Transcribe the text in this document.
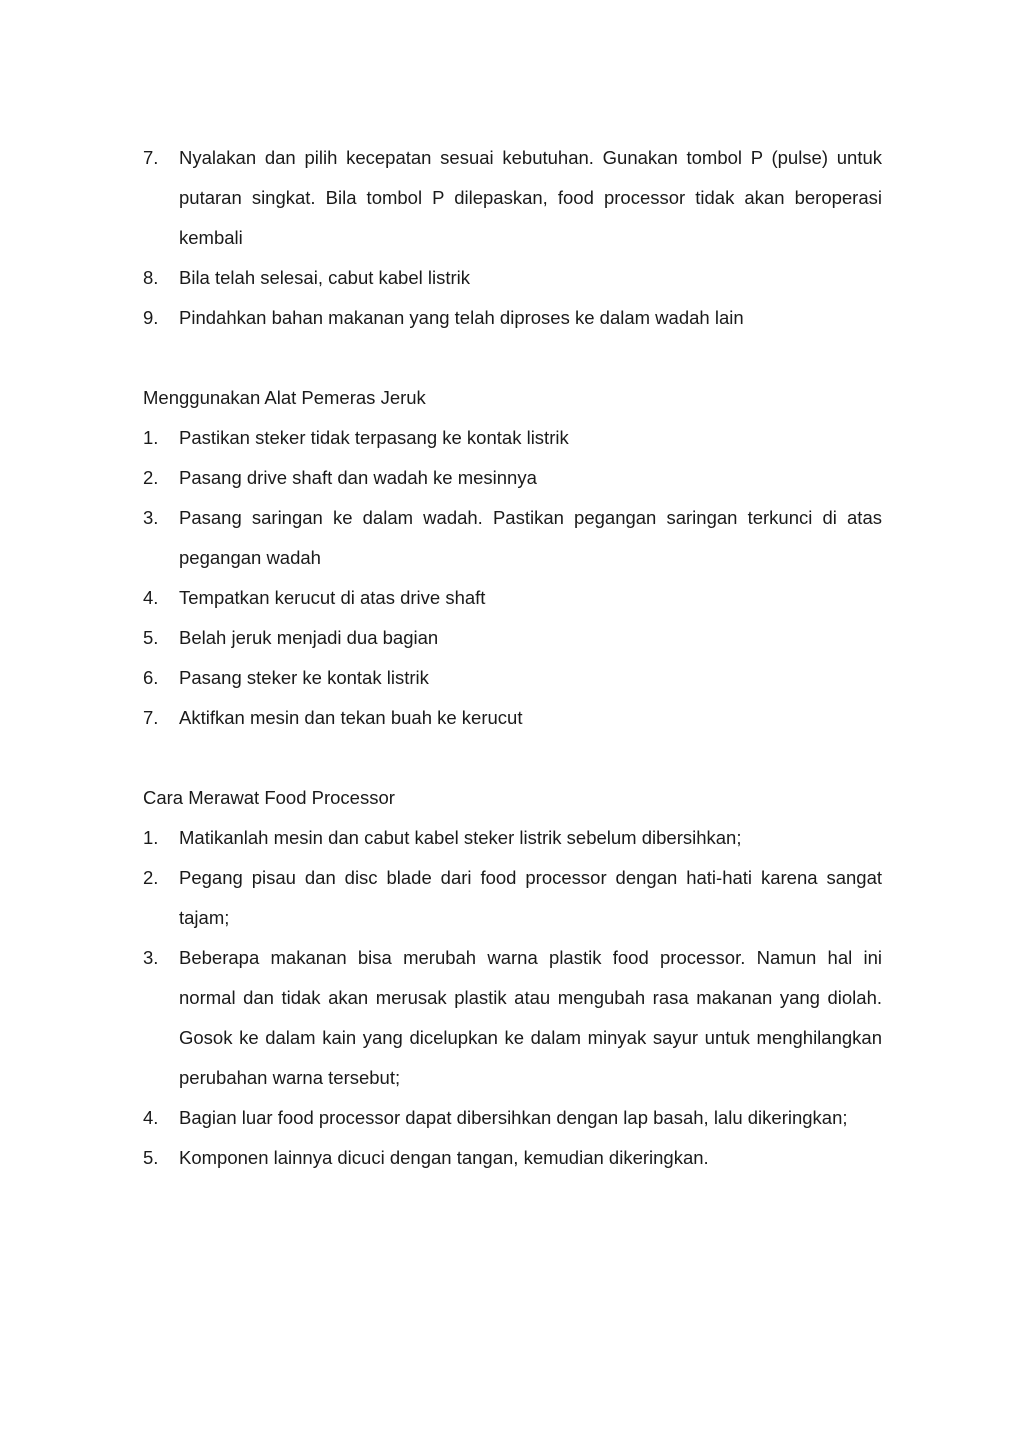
7.	Nyalakan dan pilih kecepatan sesuai kebutuhan. Gunakan tombol P (pulse) untuk putaran singkat. Bila tombol P dilepaskan, food processor tidak akan beroperasi kembali
8.	Bila telah selesai, cabut kabel listrik
9.	Pindahkan bahan makanan yang telah diproses ke dalam wadah lain
Menggunakan Alat Pemeras Jeruk
1.	Pastikan steker tidak terpasang ke kontak listrik
2.	Pasang drive shaft dan wadah ke mesinnya
3.	Pasang saringan ke dalam wadah. Pastikan pegangan saringan terkunci di atas pegangan wadah
4.	Tempatkan kerucut di atas drive shaft
5.	Belah jeruk menjadi dua bagian
6.	Pasang steker ke kontak listrik
7.	Aktifkan mesin dan tekan buah ke kerucut
Cara Merawat Food Processor
1.	Matikanlah mesin dan cabut kabel steker listrik sebelum dibersihkan;
2.	Pegang pisau dan disc blade dari food processor dengan hati-hati karena sangat tajam;
3.	Beberapa makanan bisa merubah warna plastik food processor. Namun hal ini normal dan tidak akan merusak plastik atau mengubah rasa makanan yang diolah. Gosok ke dalam kain yang dicelupkan ke dalam minyak sayur untuk menghilangkan perubahan warna tersebut;
4.	Bagian luar food processor dapat dibersihkan dengan lap basah, lalu dikeringkan;
5.	Komponen lainnya dicuci dengan tangan, kemudian dikeringkan.
